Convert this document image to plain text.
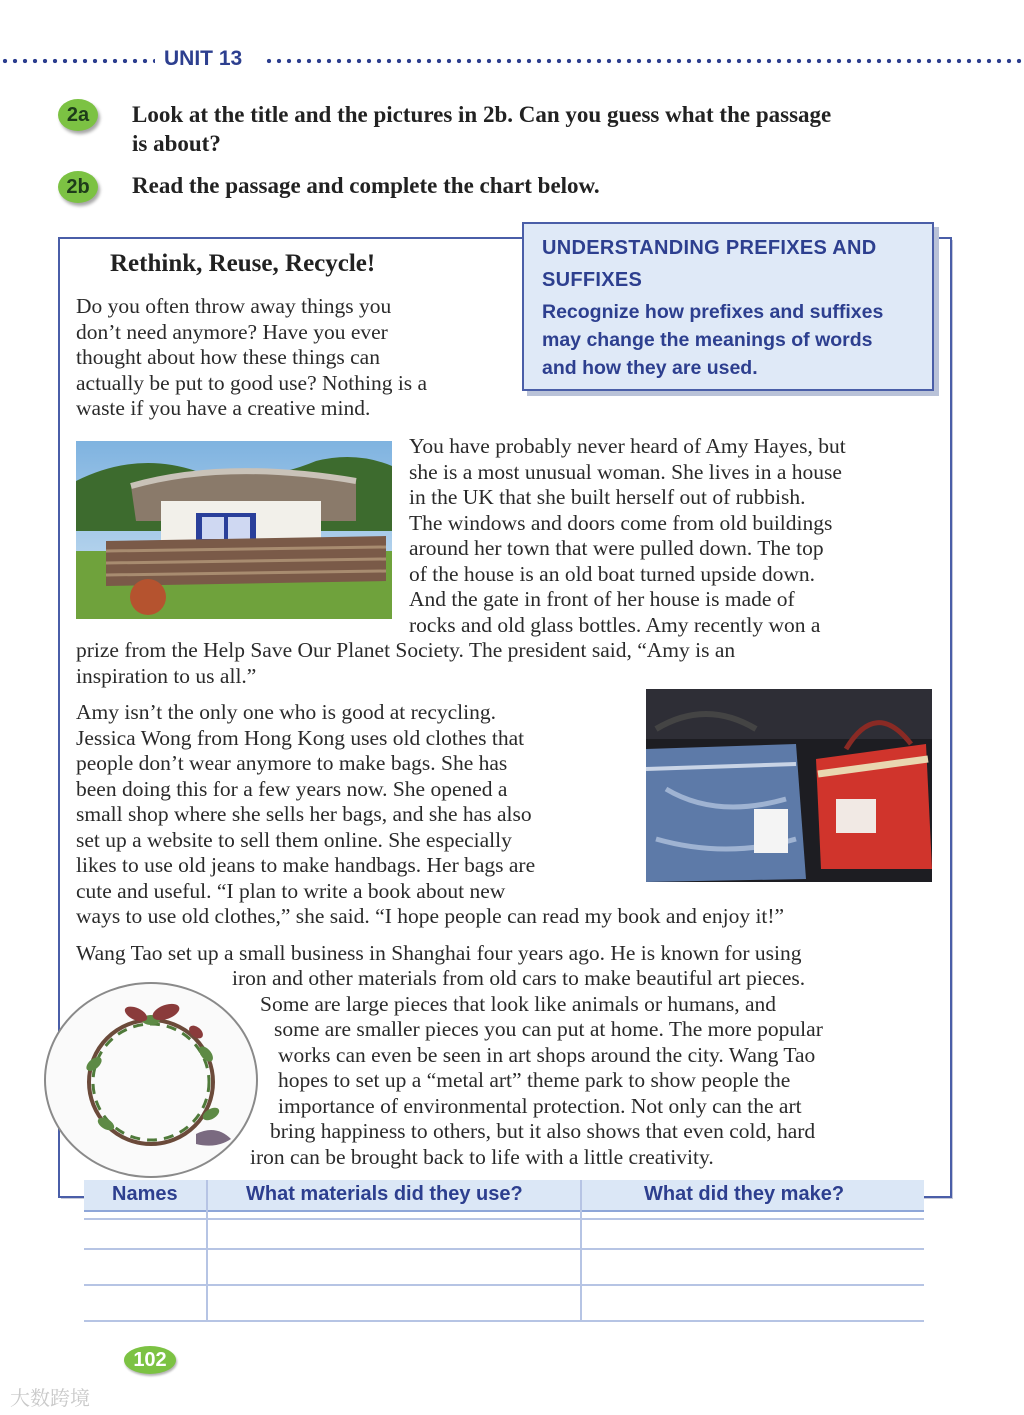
UNIT 13
2a	Look at the title and the pictures in 2b. Can you guess what the passage
is about?
2b	Read the passage and complete the chart below.
UNDERSTANDING PREFIXES AND
SUFFIXES
Recognize how prefixes and suffixes
may change the meanings of words
and how they are used.
Rethink, Reuse, Recycle!
Do you often throw away things you
don’t need anymore? Have you ever
thought about how these things can
actually be put to good use? Nothing is a
waste if you have a creative mind.
You have probably never heard of Amy Hayes, but
she is a most unusual woman. She lives in a house
in the UK that she built herself out of rubbish.
The windows and doors come from old buildings
around her town that were pulled down. The top
of the house is an old boat turned upside down.
And the gate in front of her house is made of
rocks and old glass bottles. Amy recently won a
prize from the Help Save Our Planet Society. The president said, “Amy is an
inspiration to us all.”
Amy isn’t the only one who is good at recycling.
Jessica Wong from Hong Kong uses old clothes that
people don’t wear anymore to make bags. She has
been doing this for a few years now. She opened a
small shop where she sells her bags, and she has also
set up a website to sell them online. She especially
likes to use old jeans to make handbags. Her bags are
cute and useful. “I plan to write a book about new
ways to use old clothes,” she said. “I hope people can read my book and enjoy it!”
Wang Tao set up a small business in Shanghai four years ago. He is known for using
iron and other materials from old cars to make beautiful art pieces.
Some are large pieces that look like animals or humans, and
some are smaller pieces you can put at home. The more popular
works can even be seen in art shops around the city. Wang Tao
hopes to set up a “metal art” theme park to show people the
importance of environmental protection. Not only can the art
bring happiness to others, but it also shows that even cold, hard
iron can be brought back to life with a little creativity.
Names	What materials did they use?	What did they make?
102
大数跨境
